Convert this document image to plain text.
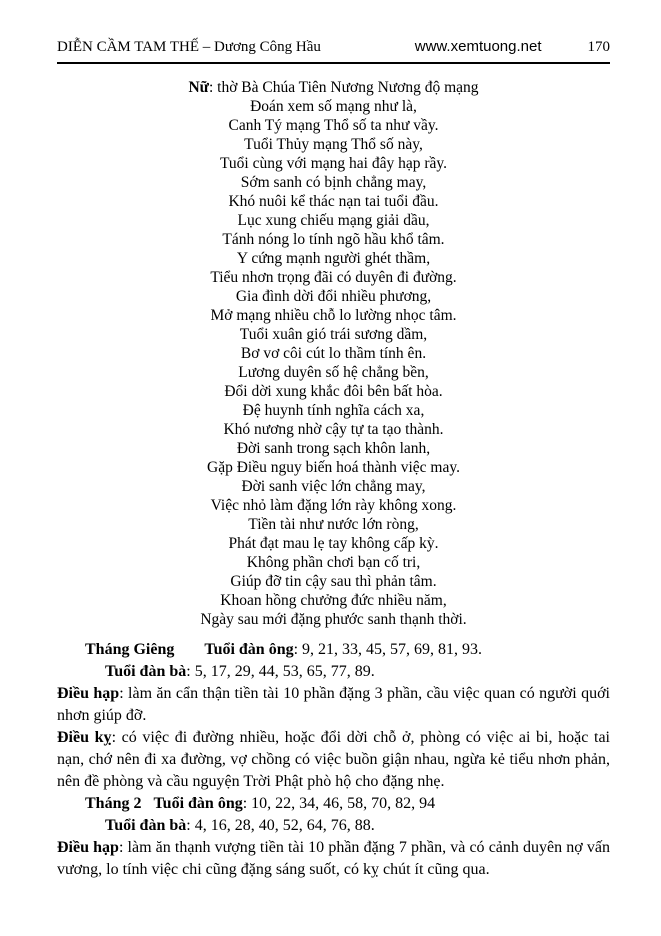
DIỄN CẦM TAM THẾ – Dương Công Hầu	www.xemtuong.net	170
Nữ: thờ Bà Chúa Tiên Nương Nương độ mạng
Đoán xem số mạng như là,
Canh Tý mạng Thổ số ta như vầy.
Tuổi Thủy mạng Thổ số này,
Tuổi cùng với mạng hai đây hạp rầy.
Sớm sanh có bịnh chẳng may,
Khó nuôi kể thác nạn tai tuổi đầu.
Lục xung chiếu mạng giải dầu,
Tánh nóng lo tính ngõ hầu khổ tâm.
Y cứng mạnh người ghét thầm,
Tiểu nhơn trọng đãi có duyên đi đường.
Gia đình dời đổi nhiều phương,
Mở mạng nhiều chỗ lo lường nhọc tâm.
Tuổi xuân gió trái sương dầm,
Bơ vơ côi cút lo thầm tính ên.
Lương duyên số hệ chẳng bền,
Đổi dời xung khắc đôi bên bất hòa.
Đệ huynh tính nghĩa cách xa,
Khó nương nhờ cậy tự ta tạo thành.
Đời sanh trong sạch khôn lanh,
Gặp Điều nguy biến hoá thành việc may.
Đời sanh việc lớn chẳng may,
Việc nhỏ làm đặng lớn rày không xong.
Tiền tài như nước lớn ròng,
Phát đạt mau lẹ tay không cấp kỳ.
Không phần chơi bạn cố tri,
Giúp đỡ tin cậy sau thì phản tâm.
Khoan hồng chưởng đức nhiều năm,
Ngày sau mới đặng phước sanh thạnh thời.
Tháng Giêng Tuổi đàn ông: 9, 21, 33, 45, 57, 69, 81, 93.
Tuổi đàn bà: 5, 17, 29, 44, 53, 65, 77, 89.
Điều hạp: làm ăn cẩn thận tiền tài 10 phần đặng 3 phần, cầu việc quan có người quới nhơn giúp đỡ.
Điều kỵ: có việc đi đường nhiều, hoặc đổi dời chỗ ở, phòng có việc ai bi, hoặc tai nạn, chớ nên đi xa đường, vợ chồng có việc buồn giận nhau, ngừa kẻ tiểu nhơn phản, nên đề phòng và cầu nguyện Trời Phật phò hộ cho đặng nhẹ.
Tháng 2 Tuổi đàn ông: 10, 22, 34, 46, 58, 70, 82, 94
Tuổi đàn bà: 4, 16, 28, 40, 52, 64, 76, 88.
Điều hạp: làm ăn thạnh vượng tiền tài 10 phần đặng 7 phần, và có cảnh duyên nợ vấn vương, lo tính việc chi cũng đặng sáng suốt, có kỵ chút ít cũng qua.
